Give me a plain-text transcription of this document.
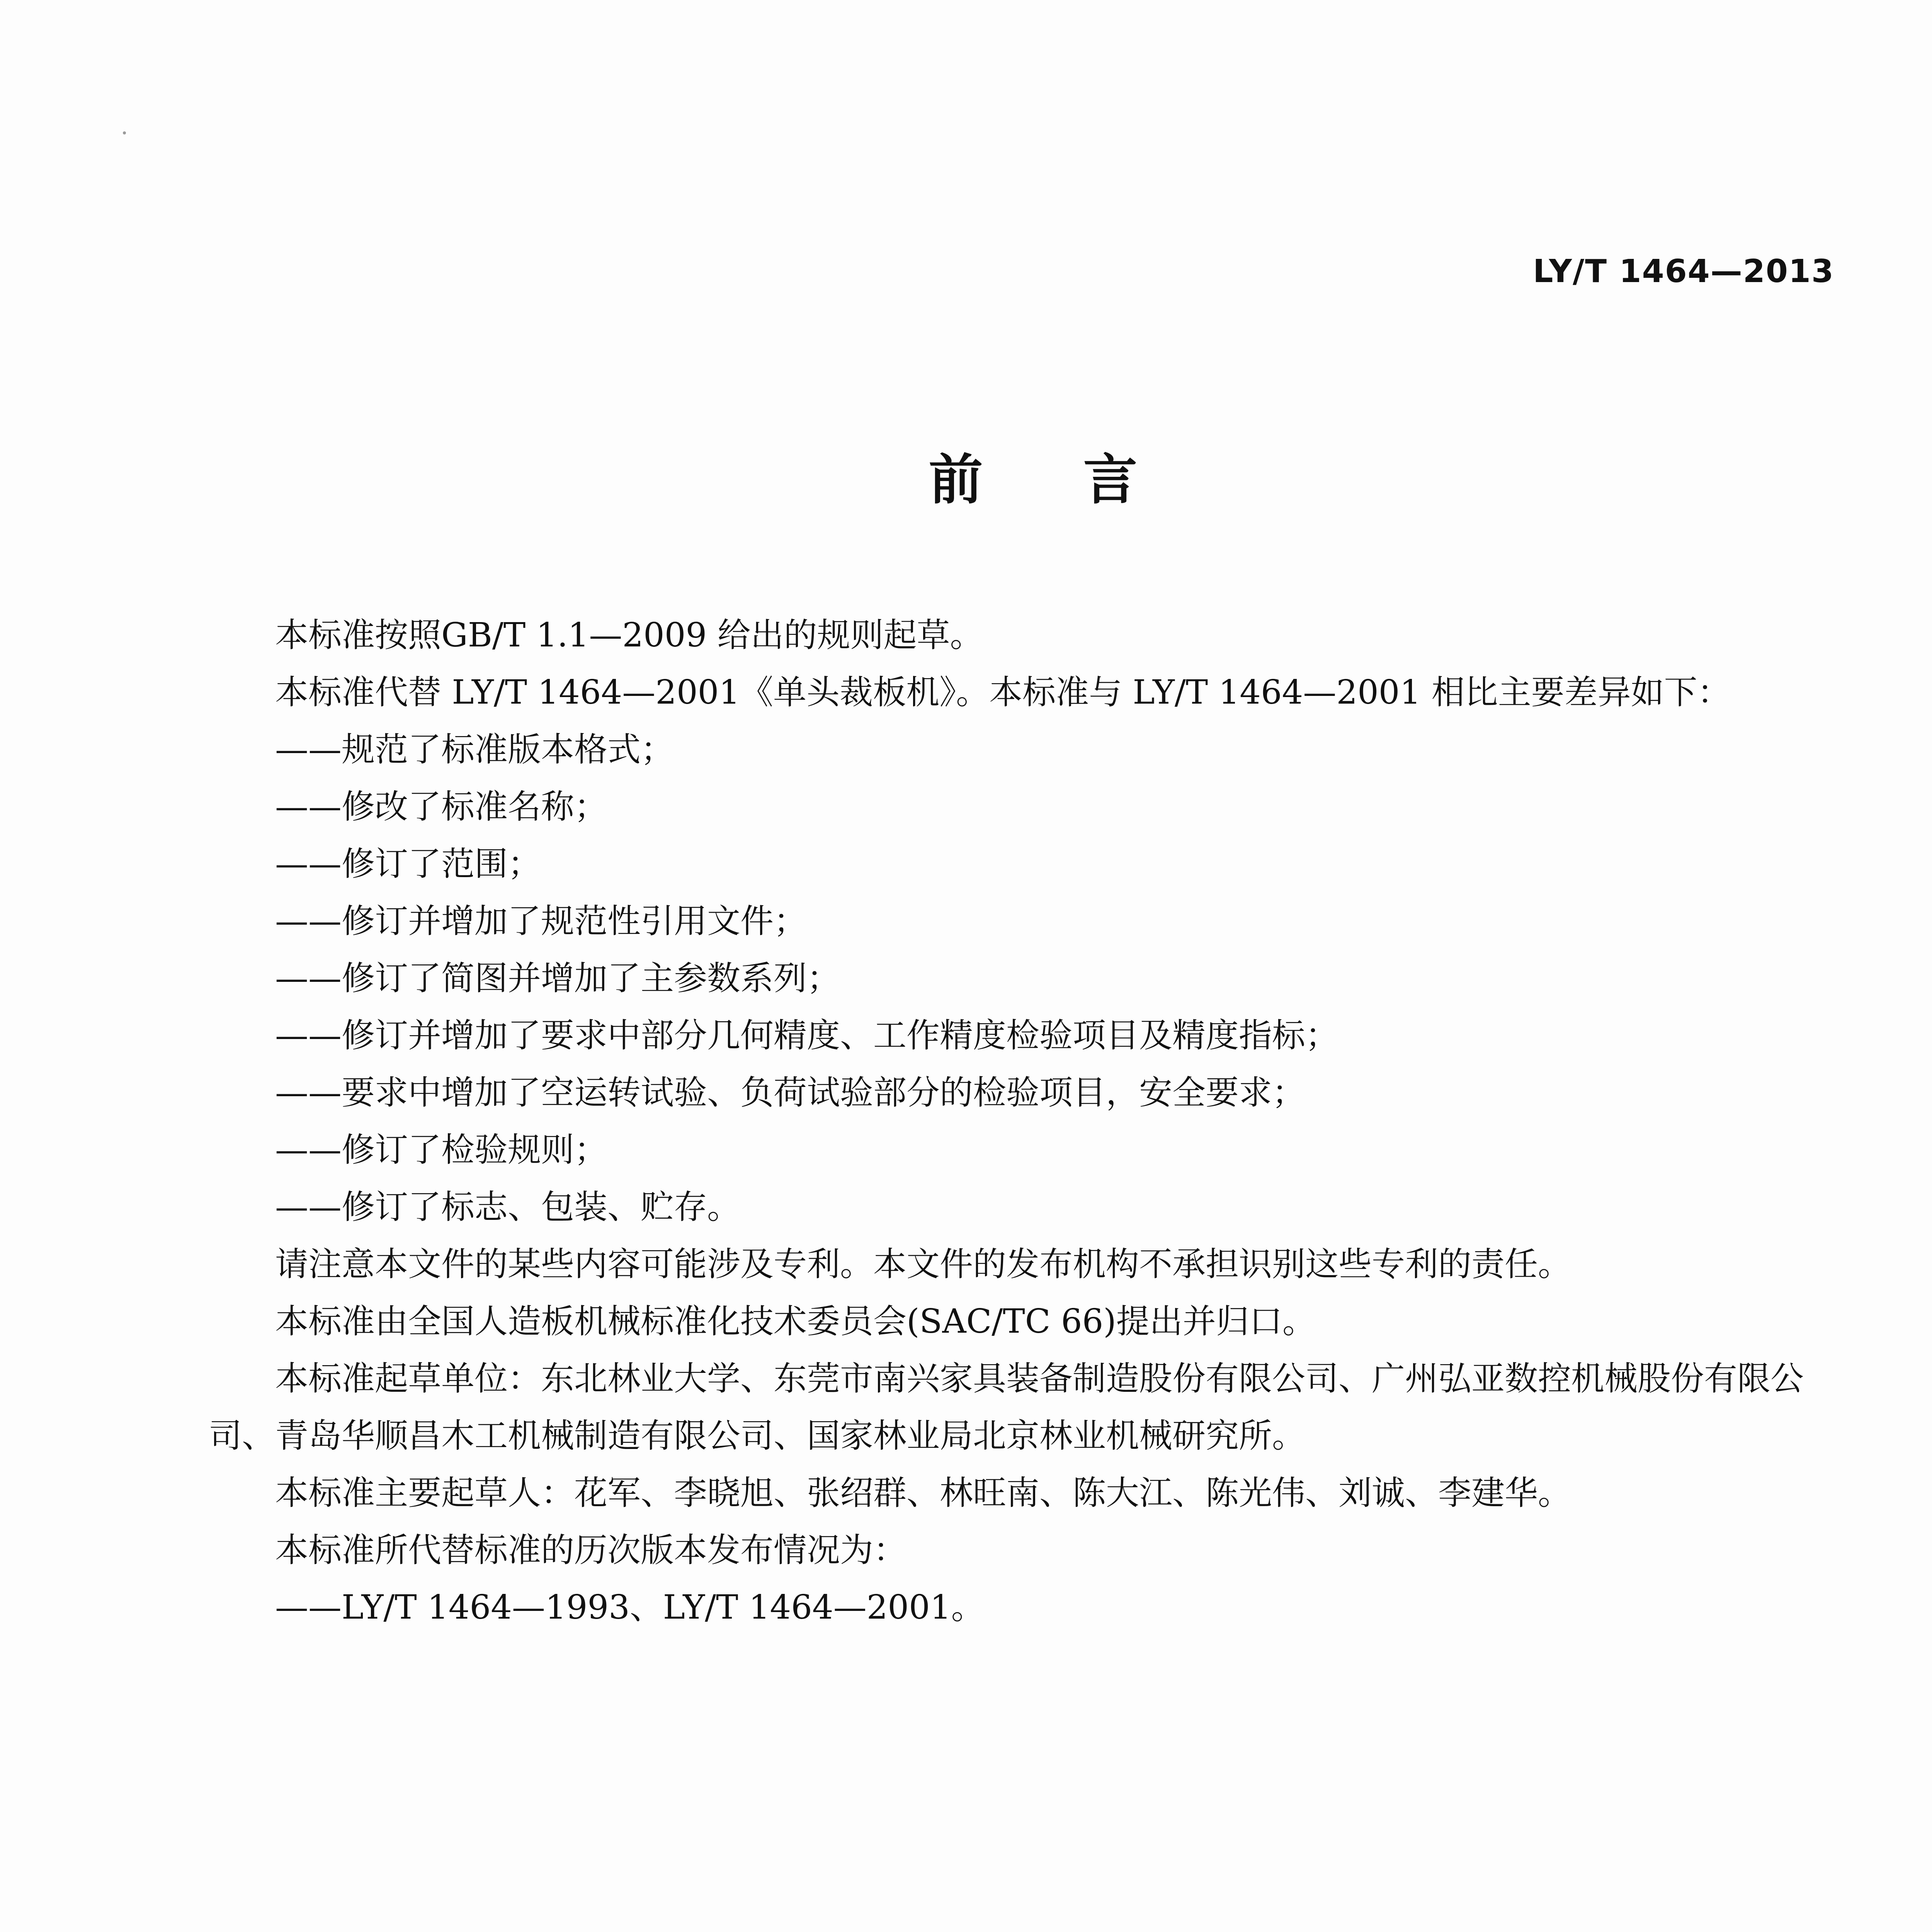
LY/T 1464—2013
前 言

本标准按照GB/T 1.1—2009 给出的规则起草。

本标准代替 LY/T 1464—2001《单头裁板机》。本标准与 LY/T 1464—2001 相比主要差异如下：

——规范了标准版本格式；

——修改了标准名称；

——修订了范围；

——修订并增加了规范性引用文件；

——修订了简图并增加了主参数系列；

——修订并增加了要求中部分几何精度、工作精度检验项目及精度指标；

——要求中增加了空运转试验、负荷试验部分的检验项目，安全要求；

——修订了检验规则；

——修订了标志、包装、贮存。

请注意本文件的某些内容可能涉及专利。本文件的发布机构不承担识别这些专利的责任。

本标准由全国人造板机械标准化技术委员会(SAC/TC 66)提出并归口。

本标准起草单位：东北林业大学、东莞市南兴家具装备制造股份有限公司、广州弘亚数控机械股份有限公司、青岛华顺昌木工机械制造有限公司、国家林业局北京林业机械研究所。

本标准主要起草人：花军、李晓旭、张绍群、林旺南、陈大江、陈光伟、刘诚、李建华。

本标准所代替标准的历次版本发布情况为：

——LY/T 1464—1993、LY/T 1464—2001。
